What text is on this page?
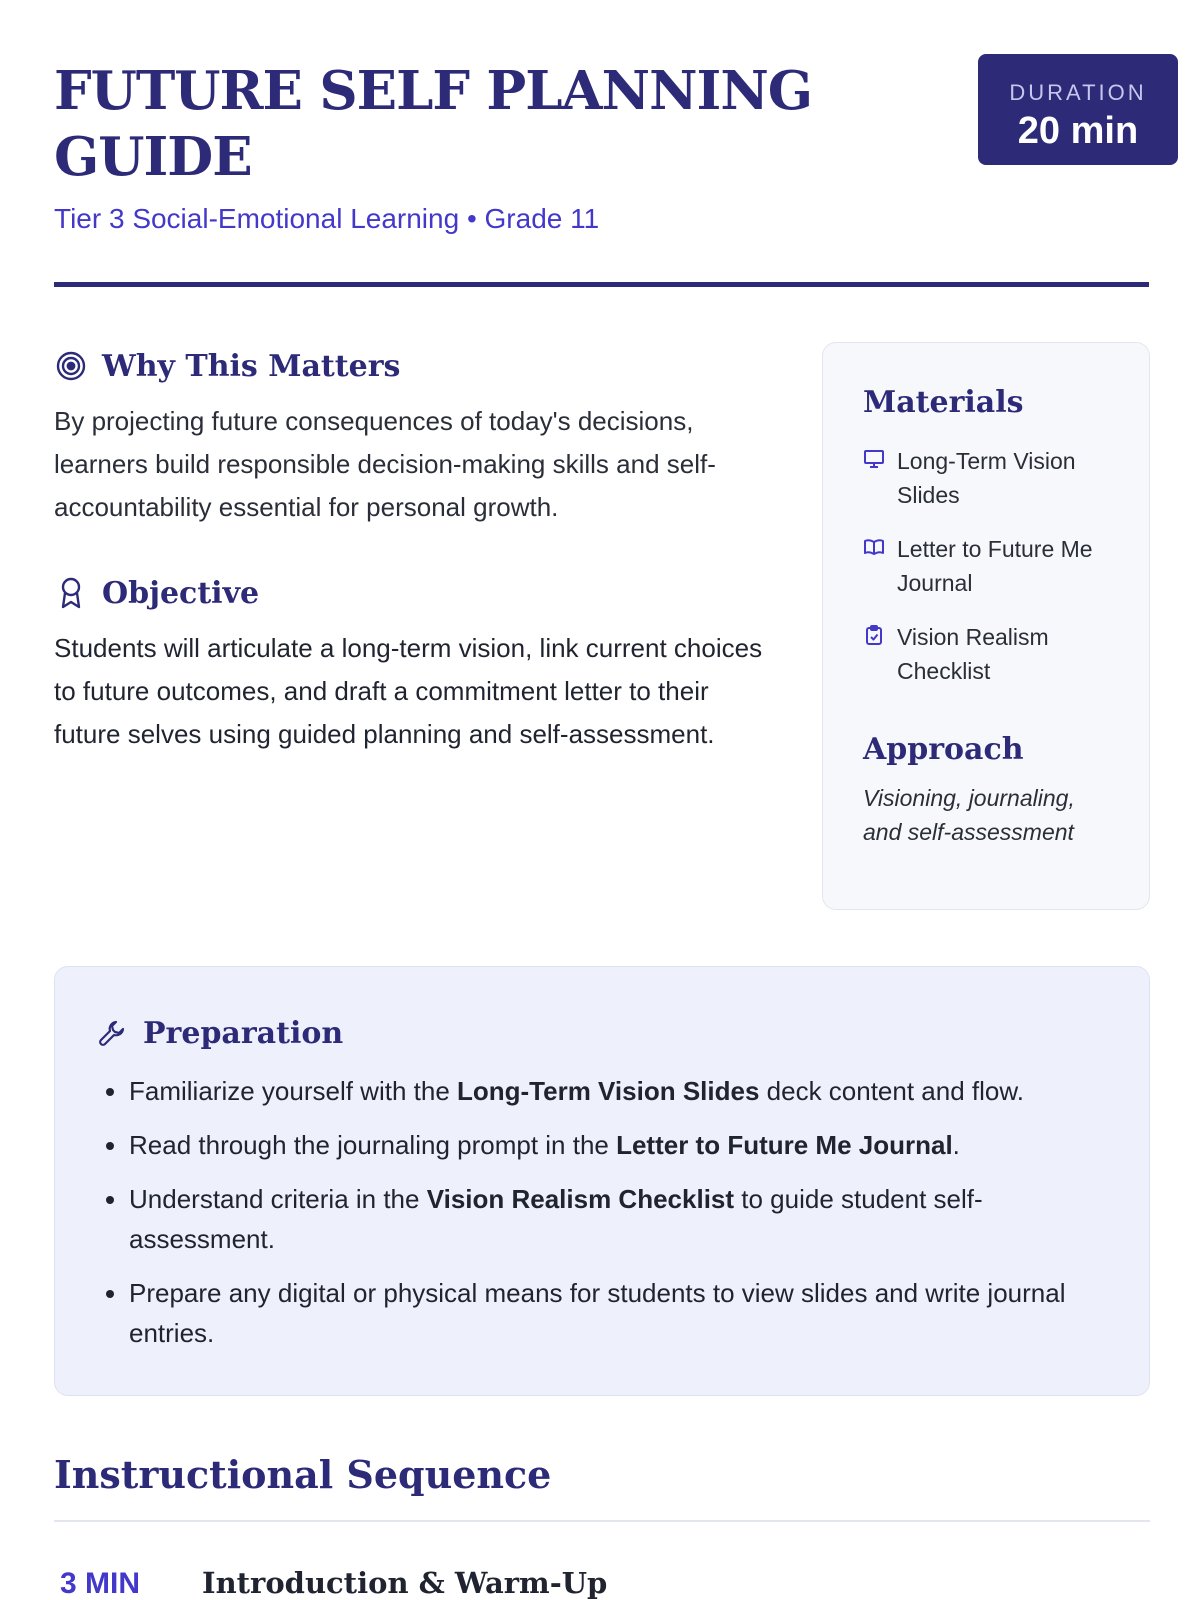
FUTURE SELF PLANNING GUIDE
Tier 3 Social-Emotional Learning • Grade 11
DURATION
20 min
Why This Matters

By projecting future consequences of today's decisions, learners build responsible decision-making skills and self-accountability essential for personal growth.

Objective

Students will articulate a long-term vision, link current choices to future outcomes, and draft a commitment letter to their future selves using guided planning and self-assessment.

Materials
Long-Term Vision Slides
Letter to Future Me Journal
Vision Realism Checklist
Approach

Visioning, journaling, and self-assessment

Preparation
• Familiarize yourself with the Long-Term Vision Slides deck content and flow.
• Read through the journaling prompt in the Letter to Future Me Journal.
• Understand criteria in the Vision Realism Checklist to guide student self-assessment.
• Prepare any digital or physical means for students to view slides and write journal entries.
Instructional Sequence
3 MIN	Introduction & Warm-Up
